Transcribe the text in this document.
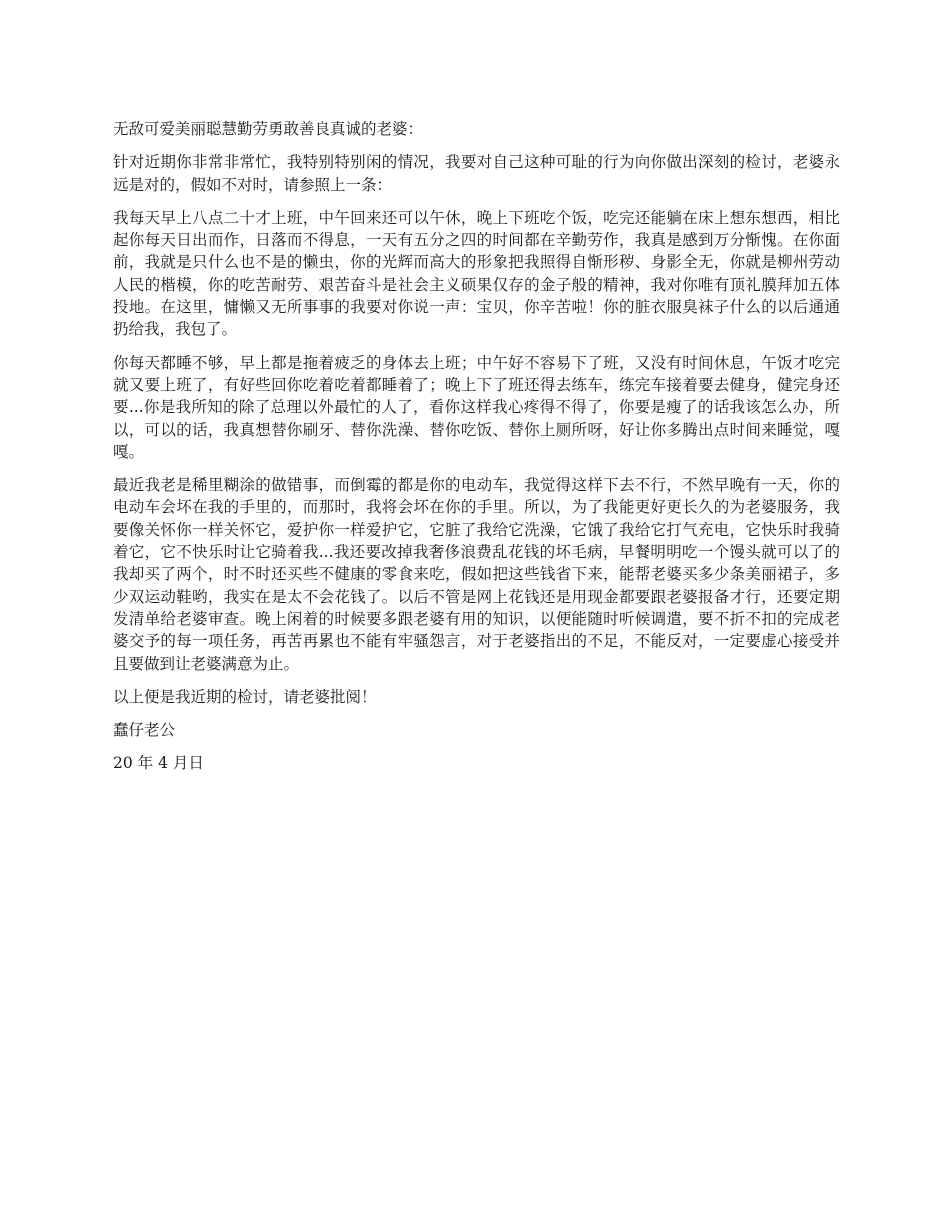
无敌可爱美丽聪慧勤劳勇敢善良真诚的老婆：

针对近期你非常非常忙，我特别特别闲的情况，我要对自己这种可耻的行为向你做出深刻的检讨，老婆永远是对的，假如不对时，请参照上一条：

我每天早上八点二十才上班，中午回来还可以午休，晚上下班吃个饭，吃完还能躺在床上想东想西，相比起你每天日出而作，日落而不得息，一天有五分之四的时间都在辛勤劳作，我真是感到万分惭愧。在你面前，我就是只什么也不是的懒虫，你的光辉而高大的形象把我照得自惭形秽、身影全无，你就是柳州劳动人民的楷模，你的吃苦耐劳、艰苦奋斗是社会主义硕果仅存的金子般的精神，我对你唯有顶礼膜拜加五体投地。在这里，慵懒又无所事事的我要对你说一声：宝贝，你辛苦啦！你的脏衣服臭袜子什么的以后通通扔给我，我包了。

你每天都睡不够，早上都是拖着疲乏的身体去上班；中午好不容易下了班，又没有时间休息，午饭才吃完就又要上班了，有好些回你吃着吃着都睡着了；晚上下了班还得去练车，练完车接着要去健身，健完身还要...你是我所知的除了总理以外最忙的人了，看你这样我心疼得不得了，你要是瘦了的话我该怎么办，所以，可以的话，我真想替你刷牙、替你洗澡、替你吃饭、替你上厕所呀，好让你多腾出点时间来睡觉，嘎嘎。

最近我老是稀里糊涂的做错事，而倒霉的都是你的电动车，我觉得这样下去不行，不然早晚有一天，你的电动车会坏在我的手里的，而那时，我将会坏在你的手里。所以，为了我能更好更长久的为老婆服务，我要像关怀你一样关怀它，爱护你一样爱护它，它脏了我给它洗澡，它饿了我给它打气充电，它快乐时我骑着它，它不快乐时让它骑着我...我还要改掉我奢侈浪费乱花钱的坏毛病，早餐明明吃一个馒头就可以了的我却买了两个，时不时还买些不健康的零食来吃，假如把这些钱省下来，能帮老婆买多少条美丽裙子，多少双运动鞋哟，我实在是太不会花钱了。以后不管是网上花钱还是用现金都要跟老婆报备才行，还要定期发清单给老婆审查。晚上闲着的时候要多跟老婆有用的知识，以便能随时听候调遣，要不折不扣的完成老婆交予的每一项任务，再苦再累也不能有牢骚怨言，对于老婆指出的不足，不能反对，一定要虚心接受并且要做到让老婆满意为止。

以上便是我近期的检讨，请老婆批阅！

蠢仔老公

20 年 4 月日
